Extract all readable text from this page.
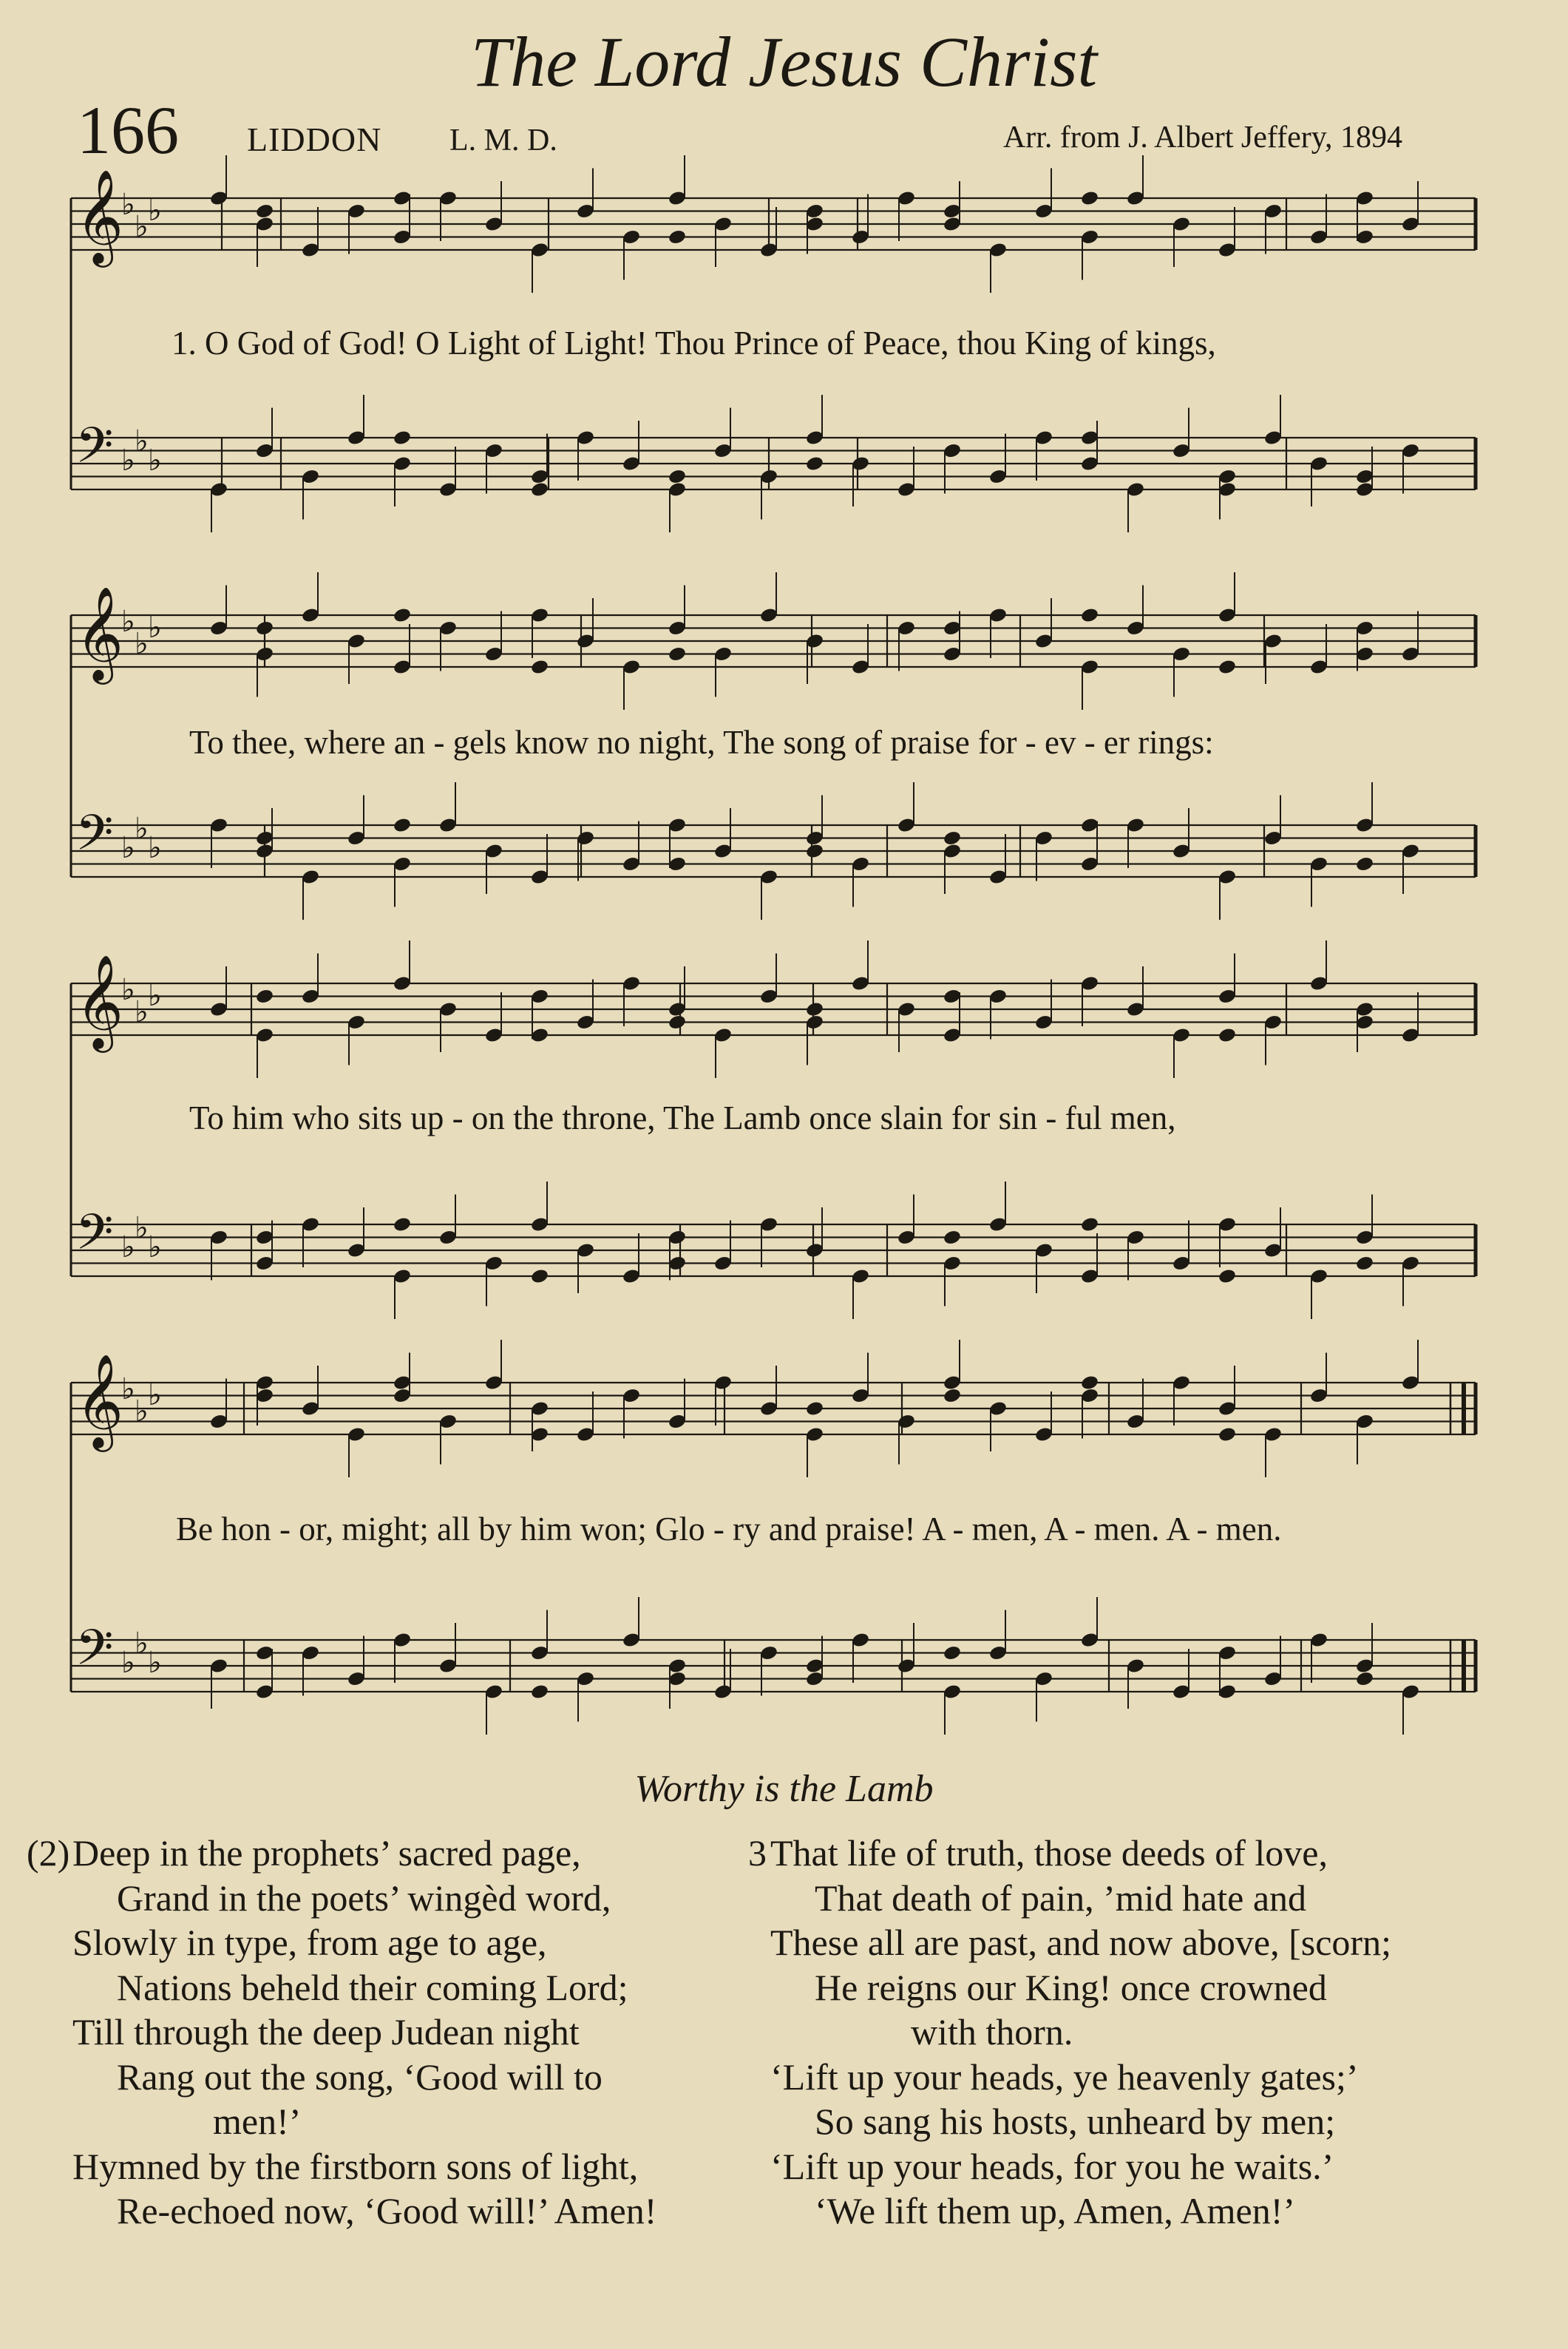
The Lord Jesus Christ
166 LIDDON L. M. D.	Arr. from J. Albert Jeffery, 1894
𝄞
♭
♭ ♭
𝄢 ♭
♭
♭
𝄞
♭
♭ ♭
𝄢 ♭
♭
♭
𝄞
♭
♭ ♭
𝄢 ♭
♭
♭
𝄞
♭
♭ ♭
𝄢 ♭
♭
♭
1. O God of God! O Light of Light! Thou Prince of Peace, thou King of kings,
To thee, where an - gels know no night, The song of praise for - ev - er rings:
To him who sits up - on the throne, The Lamb once slain for sin - ful men,
Be hon - or, might; all by him won; Glo - ry and praise! A - men, A - men. A - men.
Worthy is the Lamb
(2) Deep in the prophets’ sacred page,
Grand in the poets’ wingèd word,
Slowly in type, from age to age,
Nations beheld their coming Lord;
Till through the deep Judean night
Rang out the song, ‘Good will to
men!’
Hymned by the firstborn sons of light,
Re-echoed now, ‘Good will!’ Amen!
3 That life of truth, those deeds of love,
That death of pain, ’mid hate and
These all are past, and now above, [scorn;
He reigns our King! once crowned
with thorn.
‘Lift up your heads, ye heavenly gates;’
So sang his hosts, unheard by men;
‘Lift up your heads, for you he waits.’
‘We lift them up, Amen, Amen!’
